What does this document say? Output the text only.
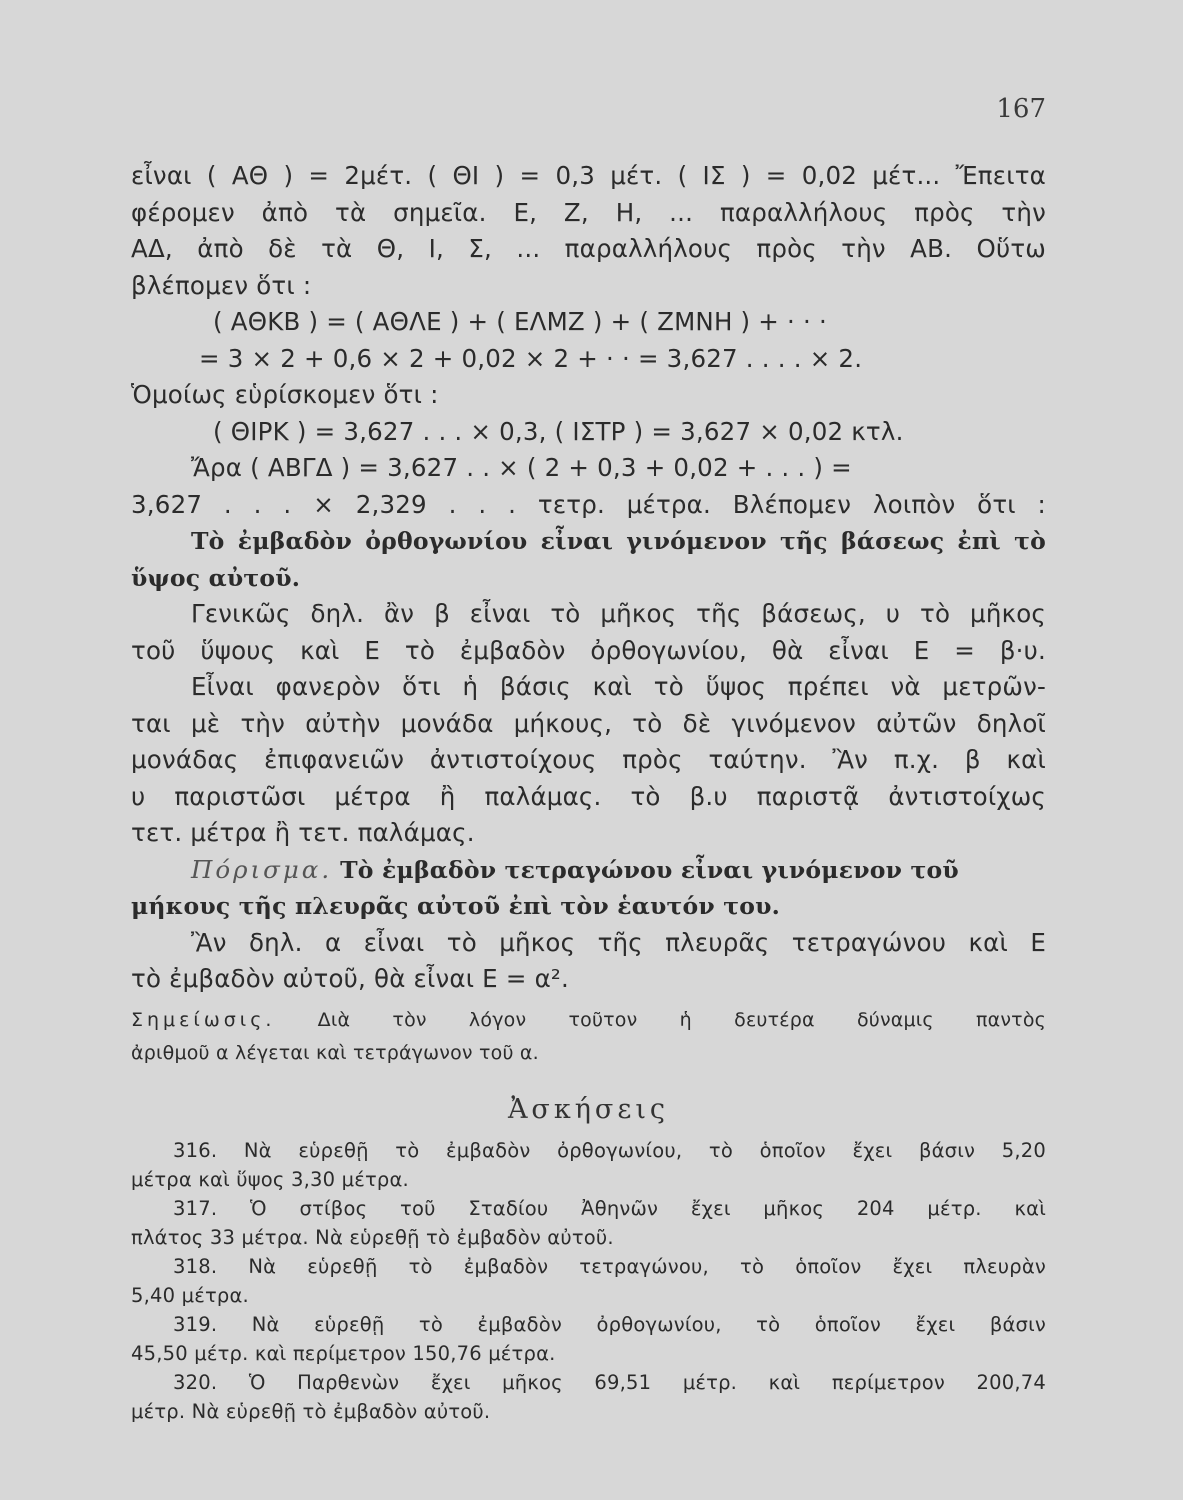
167
εἶναι ( ΑΘ ) = 2μέτ. ( ΘΙ ) = 0,3 μέτ. ( ΙΣ ) = 0,02 μέτ... Ἔπειτα
φέρομεν ἀπὸ τὰ σημεῖα. Ε, Ζ, Η, ... παραλλήλους πρὸς τὴν
ΑΔ, ἀπὸ δὲ τὰ Θ, Ι, Σ, ... παραλλήλους πρὸς τὴν ΑΒ. Οὕτω
βλέπομεν ὅτι :
( ΑΘΚΒ ) = ( ΑΘΛΕ ) + ( ΕΛΜΖ ) + ( ΖΜΝΗ ) + · · ·
= 3 × 2 + 0,6 × 2 + 0,02 × 2 + · · = 3,627 . . . . × 2.
Ὁμοίως εὑρίσκομεν ὅτι :
( ΘΙΡΚ ) = 3,627 . . . × 0,3, ( ΙΣΤΡ ) = 3,627 × 0,02 κτλ.
Ἄρα ( ΑΒΓΔ ) = 3,627 . . × ( 2 + 0,3 + 0,02 + . . . ) =
3,627 . . . × 2,329 . . . τετρ. μέτρα. Βλέπομεν λοιπὸν ὅτι :
Τὸ ἐμβαδὸν ὀρθογωνίου εἶναι γινόμενον τῆς βάσεως ἐπὶ τὸ
ὕψος αὐτοῦ.
Γενικῶς δηλ. ἂν β εἶναι τὸ μῆκος τῆς βάσεως, υ τὸ μῆκος
τοῦ ὕψους καὶ Ε τὸ ἐμβαδὸν ὀρθογωνίου, θὰ εἶναι Ε = β·υ.
Εἶναι φανερὸν ὅτι ἡ βάσις καὶ τὸ ὕψος πρέπει νὰ μετρῶν-
ται μὲ τὴν αὐτὴν μονάδα μήκους, τὸ δὲ γινόμενον αὐτῶν δηλοῖ
μονάδας ἐπιφανειῶν ἀντιστοίχους πρὸς ταύτην. Ἂν π.χ. β καὶ
υ παριστῶσι μέτρα ἢ παλάμας. τὸ β.υ παριστᾷ ἀντιστοίχως
τετ. μέτρα ἢ τετ. παλάμας.
Πόρισμα. Τὸ ἐμβαδὸν τετραγώνου εἶναι γινόμενον τοῦ
μήκους τῆς πλευρᾶς αὐτοῦ ἐπὶ τὸν ἑαυτόν του.
Ἂν δηλ. α εἶναι τὸ μῆκος τῆς πλευρᾶς τετραγώνου καὶ Ε
τὸ ἐμβαδὸν αὐτοῦ, θὰ εἶναι Ε = α².
Σημείωσις. Διὰ τὸν λόγον τοῦτον ἡ δευτέρα δύναμις παντὸς
ἀριθμοῦ α λέγεται καὶ τετράγωνον τοῦ α.
Ἀσκήσεις
316. Νὰ εὑρεθῇ τὸ ἐμβαδὸν ὀρθογωνίου, τὸ ὁποῖον ἔχει βάσιν 5,20
μέτρα καὶ ὕψος 3,30 μέτρα.
317. Ὁ στίβος τοῦ Σταδίου Ἀθηνῶν ἔχει μῆκος 204 μέτρ. καὶ
πλάτος 33 μέτρα. Νὰ εὑρεθῇ τὸ ἐμβαδὸν αὐτοῦ.
318. Νὰ εὑρεθῇ τὸ ἐμβαδὸν τετραγώνου, τὸ ὁποῖον ἔχει πλευρὰν
5,40 μέτρα.
319. Νὰ εὑρεθῇ τὸ ἐμβαδὸν ὀρθογωνίου, τὸ ὁποῖον ἔχει βάσιν
45,50 μέτρ. καὶ περίμετρον 150,76 μέτρα.
320. Ὁ Παρθενὼν ἔχει μῆκος 69,51 μέτρ. καὶ περίμετρον 200,74
μέτρ. Νὰ εὑρεθῇ τὸ ἐμβαδὸν αὐτοῦ.
